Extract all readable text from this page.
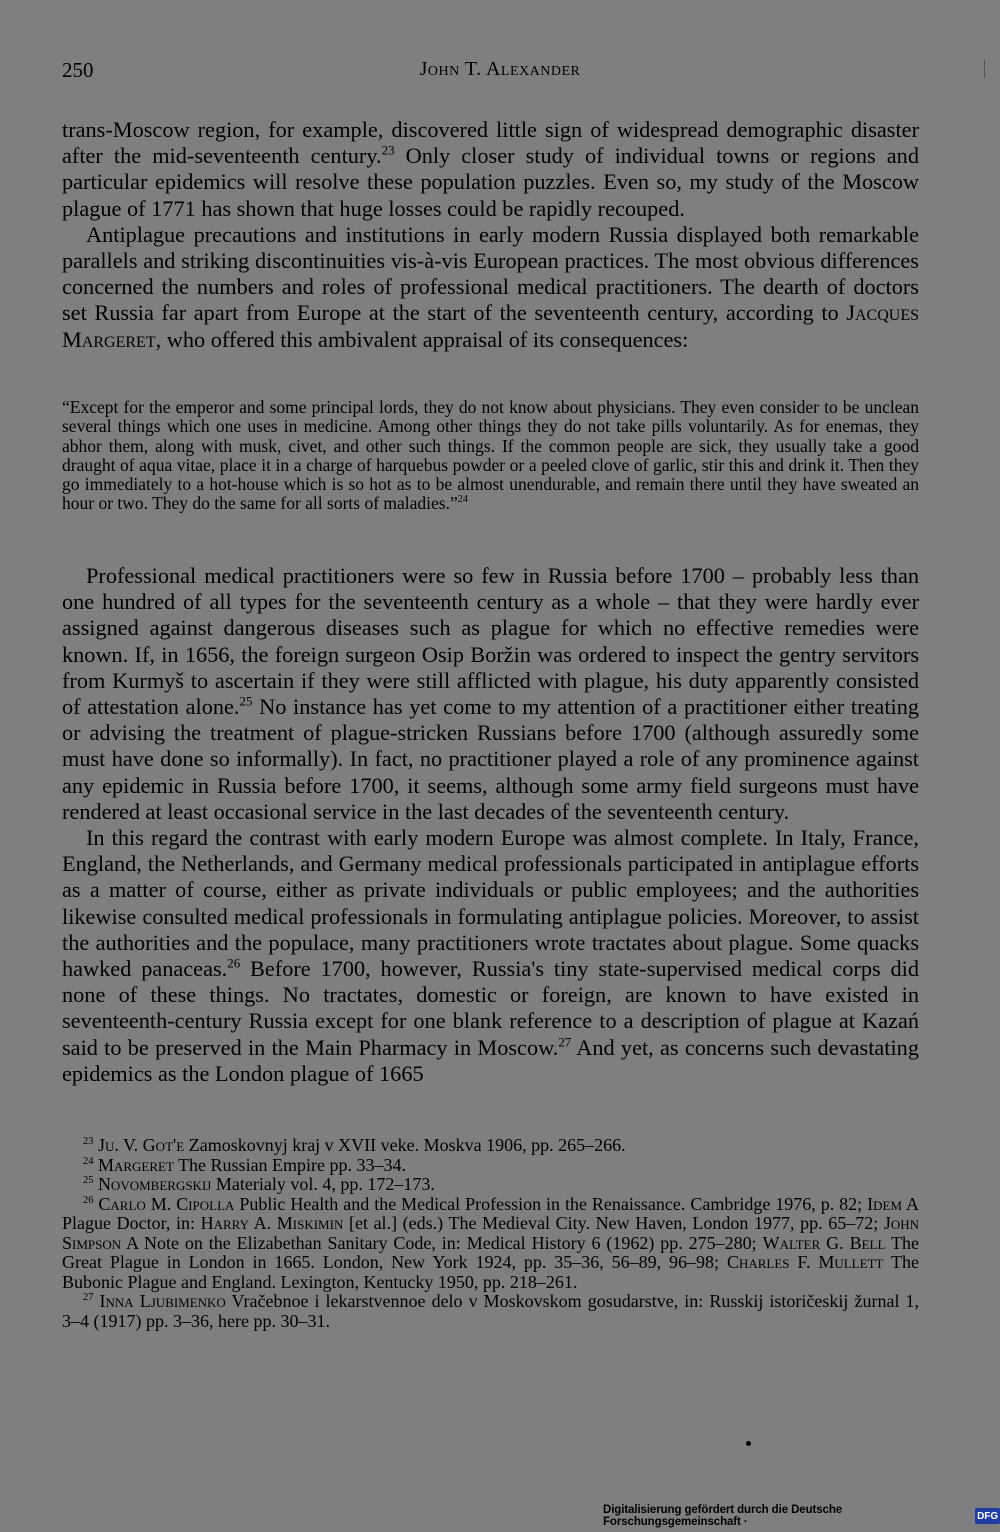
250	John T. Alexander

trans-Moscow region, for example, discovered little sign of widespread demographic disaster after the mid-seventeenth century.$^{23}$ Only closer study of individual towns or regions and particular epidemics will resolve these population puzzles. Even so, my study of the Moscow plague of 1771 has shown that huge losses could be rapidly recouped.

Antiplague precautions and institutions in early modern Russia displayed both remarkable parallels and striking discontinuities vis-à-vis European practices. The most obvious differences concerned the numbers and roles of professional medical practitioners. The dearth of doctors set Russia far apart from Europe at the start of the seventeenth century, according to Jacques Margeret, who offered this ambivalent appraisal of its consequences:

“Except for the emperor and some principal lords, they do not know about physicians. They even consider to be unclean several things which one uses in medicine. Among other things they do not take pills voluntarily. As for enemas, they abhor them, along with musk, civet, and other such things. If the common people are sick, they usually take a good draught of aqua vitae, place it in a charge of harquebus powder or a peeled clove of garlic, stir this and drink it. Then they go immediately to a hot-house which is so hot as to be almost unendurable, and remain there until they have sweated an hour or two. They do the same for all sorts of maladies.”$^{24}$

Professional medical practitioners were so few in Russia before 1700 – probably less than one hundred of all types for the seventeenth century as a whole – that they were hardly ever assigned against dangerous diseases such as plague for which no effective remedies were known. If, in 1656, the foreign surgeon Osip Boržin was ordered to inspect the gentry servitors from Kurmyš to ascertain if they were still afflicted with plague, his duty apparently consisted of attestation alone.$^{25}$ No instance has yet come to my attention of a practitioner either treating or advising the treatment of plague-stricken Russians before 1700 (although assuredly some must have done so informally). In fact, no practitioner played a role of any prominence against any epidemic in Russia before 1700, it seems, although some army field surgeons must have rendered at least occasional service in the last decades of the seventeenth century.

In this regard the contrast with early modern Europe was almost complete. In Italy, France, England, the Netherlands, and Germany medical professionals participated in antiplague efforts as a matter of course, either as private individuals or public employees; and the authorities likewise consulted medical professionals in formulating antiplague policies. Moreover, to assist the authorities and the populace, many practitioners wrote tractates about plague. Some quacks hawked panaceas.$^{26}$ Before 1700, however, Russia's tiny state-supervised medical corps did none of these things. No tractates, domestic or foreign, are known to have existed in seventeenth-century Russia except for one blank reference to a description of plague at Kazań said to be preserved in the Main Pharmacy in Moscow.$^{27}$ And yet, as concerns such devastating epidemics as the London plague of 1665

$^{23}$ Ju. V. Got'e Zamoskovnyj kraj v XVII veke. Moskva 1906, pp. 265–266.

$^{24}$ Margeret The Russian Empire pp. 33–34.

$^{25}$ Novombergskij Materialy vol. 4, pp. 172–173.

$^{26}$ Carlo M. Cipolla Public Health and the Medical Profession in the Renaissance. Cambridge 1976, p. 82; Idem A Plague Doctor, in: Harry A. Miskimin [et al.] (eds.) The Medieval City. New Haven, London 1977, pp. 65–72; John Simpson A Note on the Elizabethan Sanitary Code, in: Medical History 6 (1962) pp. 275–280; Walter G. Bell The Great Plague in London in 1665. London, New York 1924, pp. 35–36, 56–89, 96–98; Charles F. Mullett The Bubonic Plague and England. Lexington, Kentucky 1950, pp. 218–261.

$^{27}$ Inna Ljubimenko Vračebnoe i lekarstvennoe delo v Moskovskom gosudarstve, in: Russkij istoričeskij žurnal 1, 3–4 (1917) pp. 3–36, here pp. 30–31.

Digitalisierung gefördert durch die Deutsche Forschungsgemeinschaft ·	DFG
